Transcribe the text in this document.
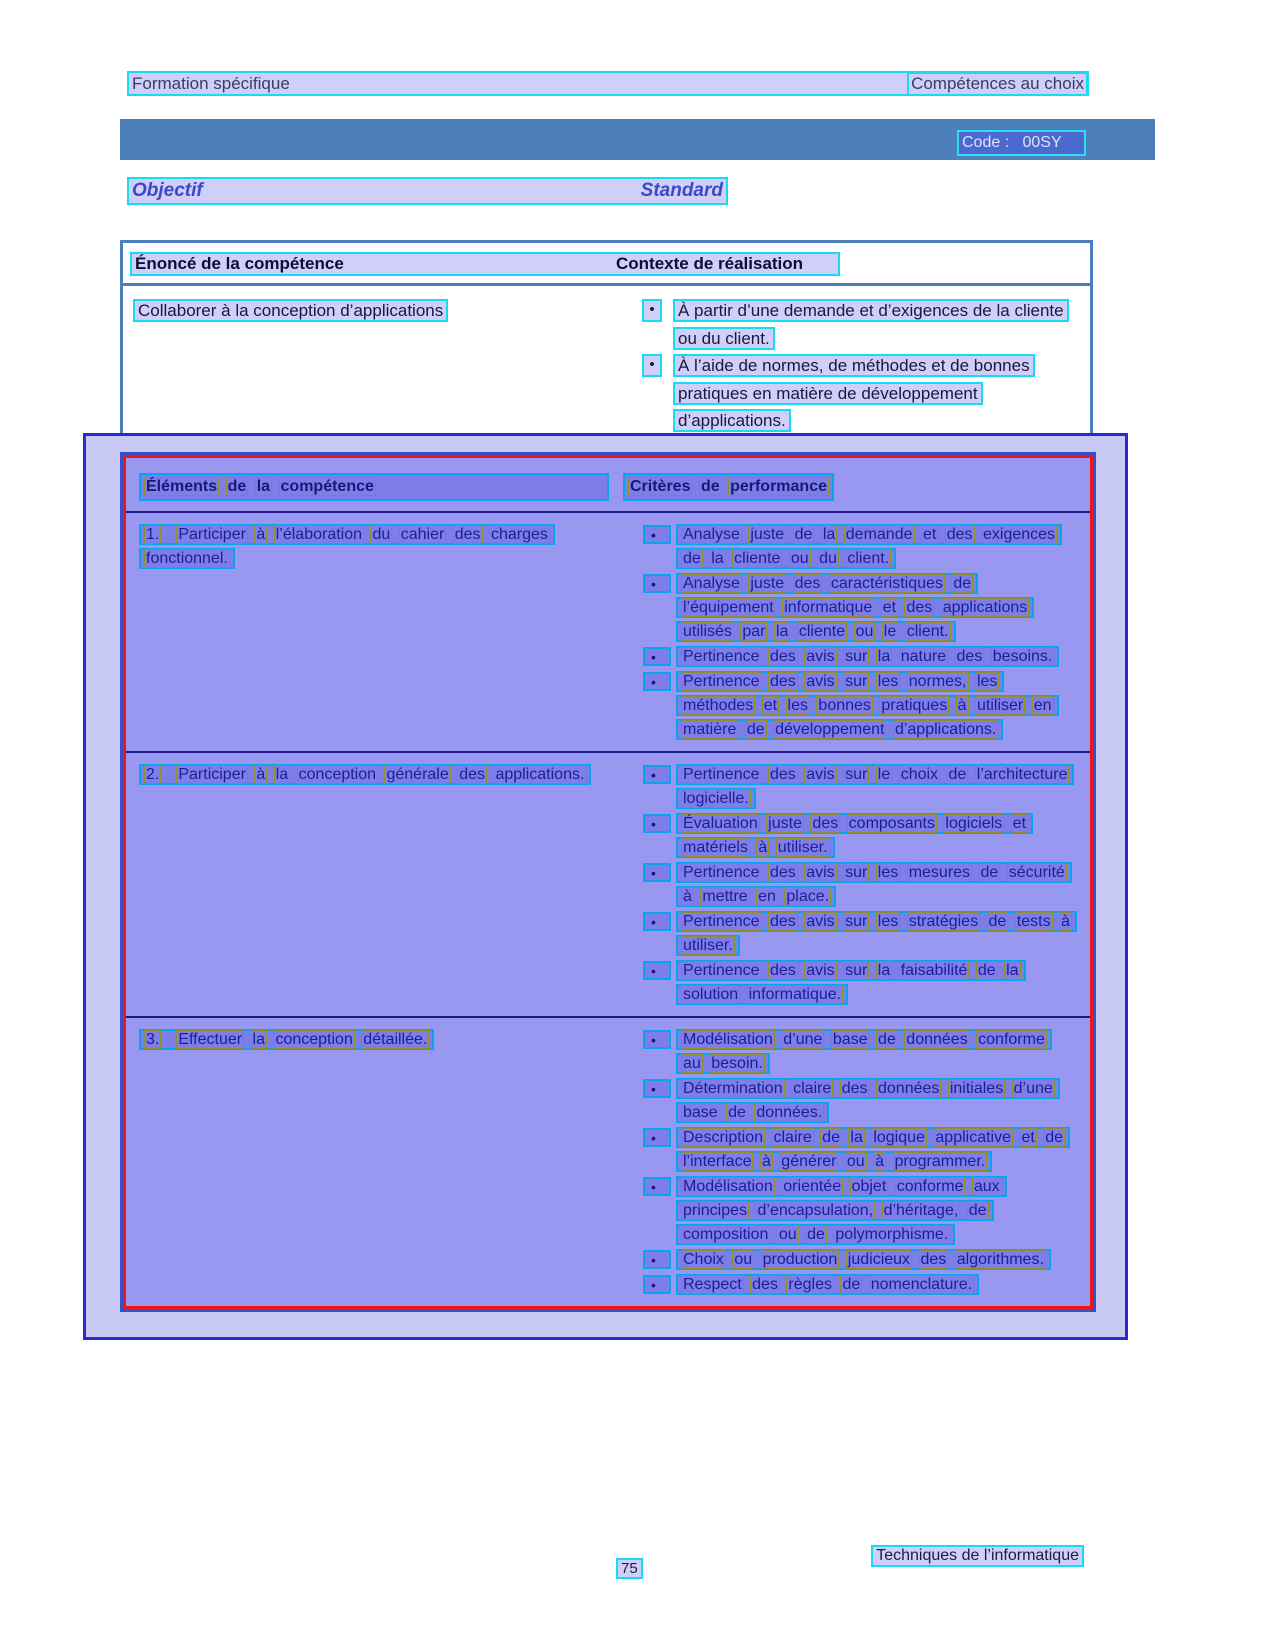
Formation spécifique	Compétences au choix
Code :   00SY
Objectif	Standard
Énoncé de la compétence	Contexte de réalisation
Collaborer à la conception d’applications	•	À partir d’une demande et d’exigences de la cliente ou du client.
•	À l’aide de normes, de méthodes et de bonnes pratiques en matière de développement d’applications.
Éléments de la compétence	Critères de performance
1. Participer à l’élaboration du cahier des charges fonctionnel.
•	Analyse juste de la demande et des exigences de la cliente ou du client.
•	Analyse juste des caractéristiques de l’équipement informatique et des applications utilisés par la cliente ou le client.
•	Pertinence des avis sur la nature des besoins.
•	Pertinence des avis sur les normes, les méthodes et les bonnes pratiques à utiliser en matière de développement d’applications.
2. Participer à la conception générale des applications.	•	Pertinence des avis sur le choix de l’architecture logicielle.
•	Évaluation juste des composants logiciels et matériels à utiliser.
•	Pertinence des avis sur les mesures de sécurité à mettre en place.
•	Pertinence des avis sur les stratégies de tests à utiliser.
•	Pertinence des avis sur la faisabilité de la solution informatique.
3. Effectuer la conception détaillée.	•	Modélisation d’une base de données conforme au besoin.
•	Détermination claire des données initiales d’une base de données.
•	Description claire de la logique applicative et de l’interface à générer ou à programmer.
•	Modélisation orientée objet conforme aux principes d’encapsulation, d’héritage, de composition ou de polymorphisme.
•	Choix ou production judicieux des algorithmes.
•	Respect des règles de nomenclature.
Techniques de l’informatique
75
